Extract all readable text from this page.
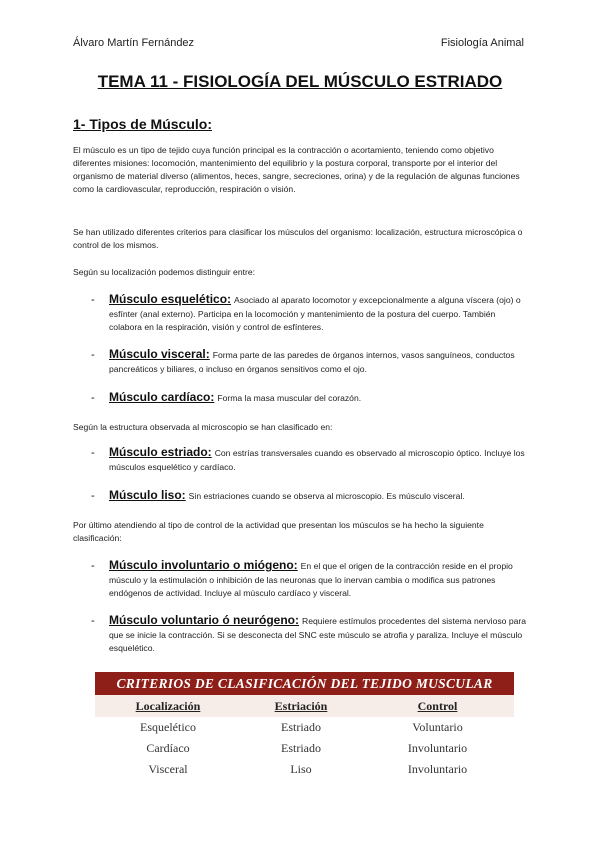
Álvaro Martín Fernández	Fisiología Animal
TEMA 11 - FISIOLOGÍA DEL MÚSCULO ESTRIADO
1- Tipos de Músculo:

El músculo es un tipo de tejido cuya función principal es la contracción o acortamiento, teniendo como objetivo diferentes misiones: locomoción, mantenimiento del equilibrio y la postura corporal, transporte por el interior del organismo de material diverso (alimentos, heces, sangre, secreciones, orina) y de la regulación de algunas funciones como la cardiovascular, reproducción, respiración o visión.

Se han utilizado diferentes criterios para clasificar los músculos del organismo: localización, estructura microscópica o control de los mismos.

Según su localización podemos distinguir entre:

- Músculo esquelético: Asociado al aparato locomotor y excepcionalmente a alguna víscera (ojo) o esfínter (anal externo). Participa en la locomoción y mantenimiento de la postura del cuerpo. También colabora en la respiración, visión y control de esfínteres.

- Músculo visceral: Forma parte de las paredes de órganos internos, vasos sanguíneos, conductos pancreáticos y biliares, o incluso en órganos sensitivos como el ojo.

- Músculo cardíaco: Forma la masa muscular del corazón.

Según la estructura observada al microscopio se han clasificado en:

- Músculo estriado: Con estrías transversales cuando es observado al microscopio óptico. Incluye los músculos esquelético y cardíaco.

- Músculo liso: Sin estriaciones cuando se observa al microscopio. Es músculo visceral.

Por último atendiendo al tipo de control de la actividad que presentan los músculos se ha hecho la siguiente clasificación:

- Músculo involuntario o miógeno: En el que el origen de la contracción reside en el propio músculo y la estimulación o inhibición de las neuronas que lo inervan cambia o modifica sus patrones endógenos de actividad. Incluye al músculo cardíaco y visceral.

- Músculo voluntario ó neurógeno: Requiere estímulos procedentes del sistema nervioso para que se inicie la contracción. Si se desconecta del SNC este músculo se atrofia y paraliza. Incluye el músculo esquelético.

CRITERIOS DE CLASIFICACIÓN DEL TEJIDO MUSCULAR
Localización	Estriación	Control
Esquelético	Estriado	Voluntario
Cardíaco	Estriado	Involuntario
Visceral	Liso	Involuntario
